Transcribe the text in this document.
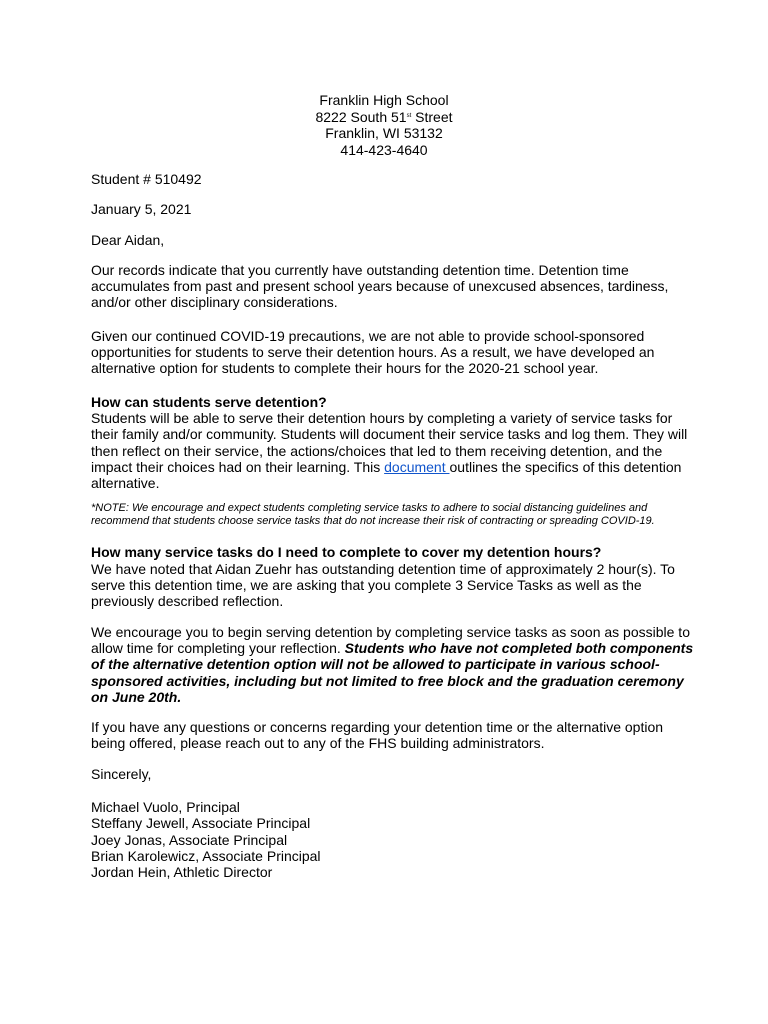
Franklin High School
8222 South 51st Street
Franklin, WI 53132
414-423-4640

Student # 510492

January 5, 2021

Dear Aidan,

Our records indicate that you currently have outstanding detention time. Detention time accumulates from past and present school years because of unexcused absences, tardiness, and/or other disciplinary considerations.

Given our continued COVID-19 precautions, we are not able to provide school-sponsored opportunities for students to serve their detention hours. As a result, we have developed an alternative option for students to complete their hours for the 2020-21 school year.

How can students serve detention?

Students will be able to serve their detention hours by completing a variety of service tasks for their family and/or community. Students will document their service tasks and log them. They will then reflect on their service, the actions/choices that led to them receiving detention, and the impact their choices had on their learning. This document outlines the specifics of this detention alternative.

*NOTE: We encourage and expect students completing service tasks to adhere to social distancing guidelines and recommend that students choose service tasks that do not increase their risk of contracting or spreading COVID-19.

How many service tasks do I need to complete to cover my detention hours?

We have noted that Aidan Zuehr has outstanding detention time of approximately 2 hour(s). To serve this detention time, we are asking that you complete 3 Service Tasks as well as the previously described reflection.

We encourage you to begin serving detention by completing service tasks as soon as possible to allow time for completing your reflection. Students who have not completed both components of the alternative detention option will not be allowed to participate in various school-sponsored activities, including but not limited to free block and the graduation ceremony on June 20th.

If you have any questions or concerns regarding your detention time or the alternative option being offered, please reach out to any of the FHS building administrators.

Sincerely,

Michael Vuolo, Principal
Steffany Jewell, Associate Principal
Joey Jonas, Associate Principal
Brian Karolewicz, Associate Principal
Jordan Hein, Athletic Director
